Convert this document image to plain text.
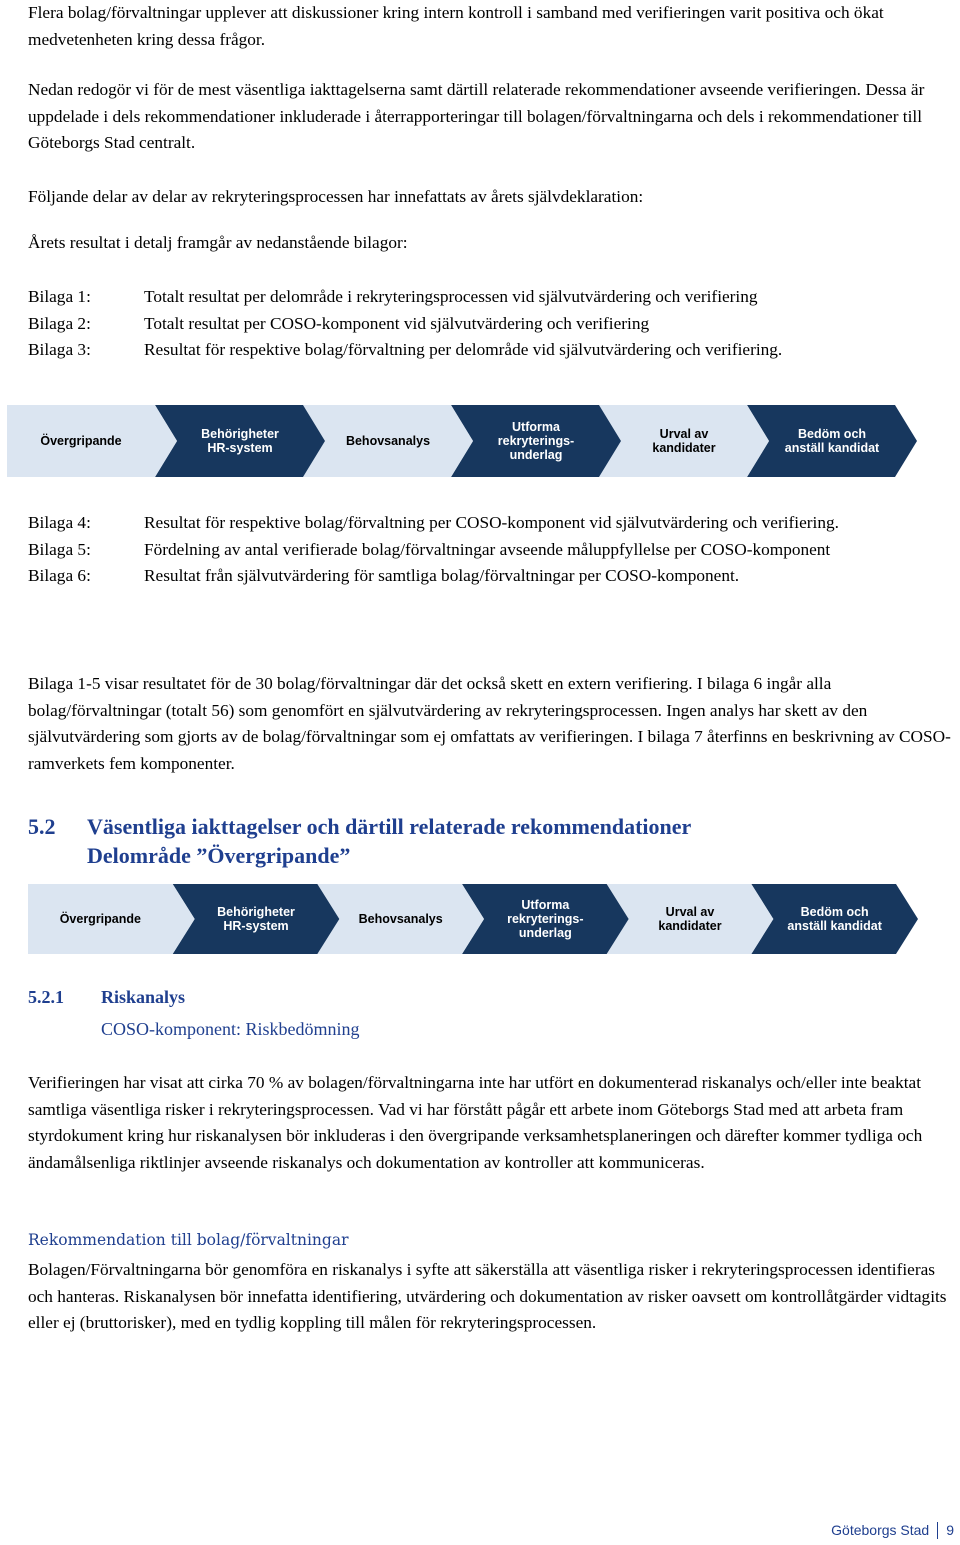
Flera bolag/förvaltningar upplever att diskussioner kring intern kontroll i samband med verifieringen varit positiva och ökat medvetenheten kring dessa frågor.

Nedan redogör vi för de mest väsentliga iakttagelserna samt därtill relaterade rekommendationer avseende verifieringen. Dessa är uppdelade i dels rekommendationer inkluderade i återrapporteringar till bolagen/förvaltningarna och dels i rekommendationer till Göteborgs Stad centralt.

Följande delar av delar av rekryteringsprocessen har innefattats av årets självdeklaration:

Årets resultat i detalj framgår av nedanstående bilagor:

Bilaga 1:	Totalt resultat per delområde i rekryteringsprocessen vid självutvärdering och verifiering
Bilaga 2:	Totalt resultat per COSO-komponent vid självutvärdering och verifiering
Bilaga 3:	Resultat för respektive bolag/förvaltning per delområde vid självutvärdering och verifiering.
Bilaga 4:	Resultat för respektive bolag/förvaltning per COSO-komponent vid självutvärdering och verifiering.
Bilaga 5:	Fördelning av antal verifierade bolag/förvaltningar avseende måluppfyllelse per COSO-komponent
Bilaga 6:	Resultat från självutvärdering för samtliga bolag/förvaltningar per COSO-komponent.

Bilaga 1-5 visar resultatet för de 30 bolag/förvaltningar där det också skett en extern verifiering. I bilaga 6 ingår alla bolag/förvaltningar (totalt 56) som genomfört en självutvärdering av rekryteringsprocessen. Ingen analys har skett av den självutvärdering som gjorts av de bolag/förvaltningar som ej omfattats av verifieringen. I bilaga 7 återfinns en beskrivning av COSO-ramverkets fem komponenter.

5.2 Väsentliga iakttagelser och därtill relaterade rekommendationer
Delområde ”Övergripande”
5.2.1 Riskanalys
COSO-komponent: Riskbedömning

Verifieringen har visat att cirka 70 % av bolagen/förvaltningarna inte har utfört en dokumenterad riskanalys och/eller inte beaktat samtliga väsentliga risker i rekryteringsprocessen. Vad vi har förstått pågår ett arbete inom Göteborgs Stad med att arbeta fram styrdokument kring hur riskanalysen bör inkluderas i den övergripande verksamhetsplaneringen och därefter kommer tydliga och ändamålsenliga riktlinjer avseende riskanalys och dokumentation av kontroller att kommuniceras.

Rekommendation till bolag/förvaltningar

Bolagen/Förvaltningarna bör genomföra en riskanalys i syfte att säkerställa att väsentliga risker i rekryteringsprocessen identifieras och hanteras. Riskanalysen bör innefatta identifiering, utvärdering och dokumentation av risker oavsett om kontrollåtgärder vidtagits eller ej (bruttorisker), med en tydlig koppling till målen för rekryteringsprocessen.

Övergripande	Behörigheter HR-system	Behovsanalys
Utforma rekryterings-underlag
Urval av kandidater
Bedöm och anställ kandidat
Övergripande	Behörigheter HR-system	Behovsanalys
Utforma rekryterings-underlag
Urval av kandidater
Bedöm och anställ kandidat
Göteborgs Stad 9
